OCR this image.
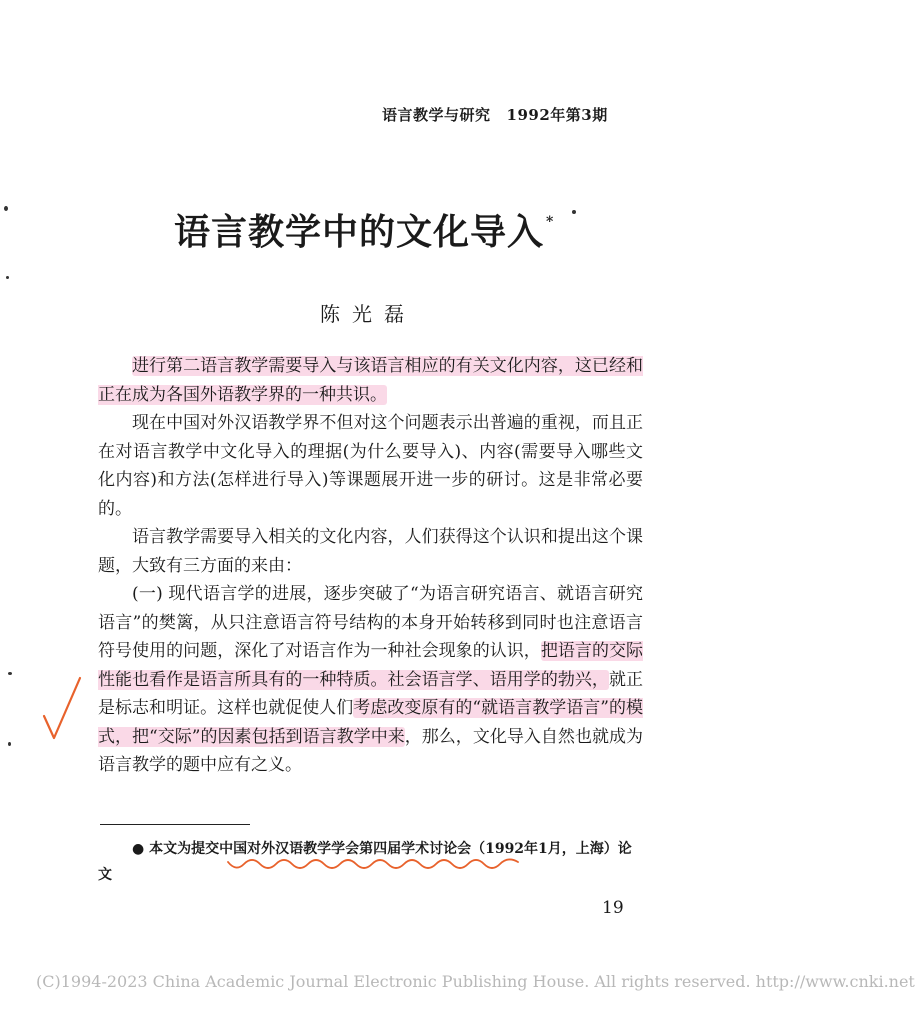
语言教学与研究 1992年第3期
语言教学中的文化导入 *
陈光磊

进行第二语言教学需要导入与该语言相应的有关文化内容，这已经和正在成为各国外语教学界的一种共识。

现在中国对外汉语教学界不但对这个问题表示出普遍的重视，而且正在对语言教学中文化导入的理据(为什么要导入)、内容(需要导入哪些文化内容)和方法(怎样进行导入)等课题展开进一步的研讨。这是非常必要的。

语言教学需要导入相关的文化内容，人们获得这个认识和提出这个课题，大致有三方面的来由：

(一) 现代语言学的进展，逐步突破了“为语言研究语言、就语言研究语言”的樊篱，从只注意语言符号结构的本身开始转移到同时也注意语言符号使用的问题，深化了对语言作为一种社会现象的认识，把语言的交际性能也看作是语言所具有的一种特质。社会语言学、语用学的勃兴，就正是标志和明证。这样也就促使人们考虑改变原有的“就语言教学语言”的模式，把“交际”的因素包括到语言教学中来，那么，文化导入自然也就成为语言教学的题中应有之义。

● 本文为提交中国对外汉语教学学会第四届学术讨论会（1992年1月，上海）论文
19
(C)1994-2023 China Academic Journal Electronic Publishing House. All rights reserved. http://www.cnki.net
